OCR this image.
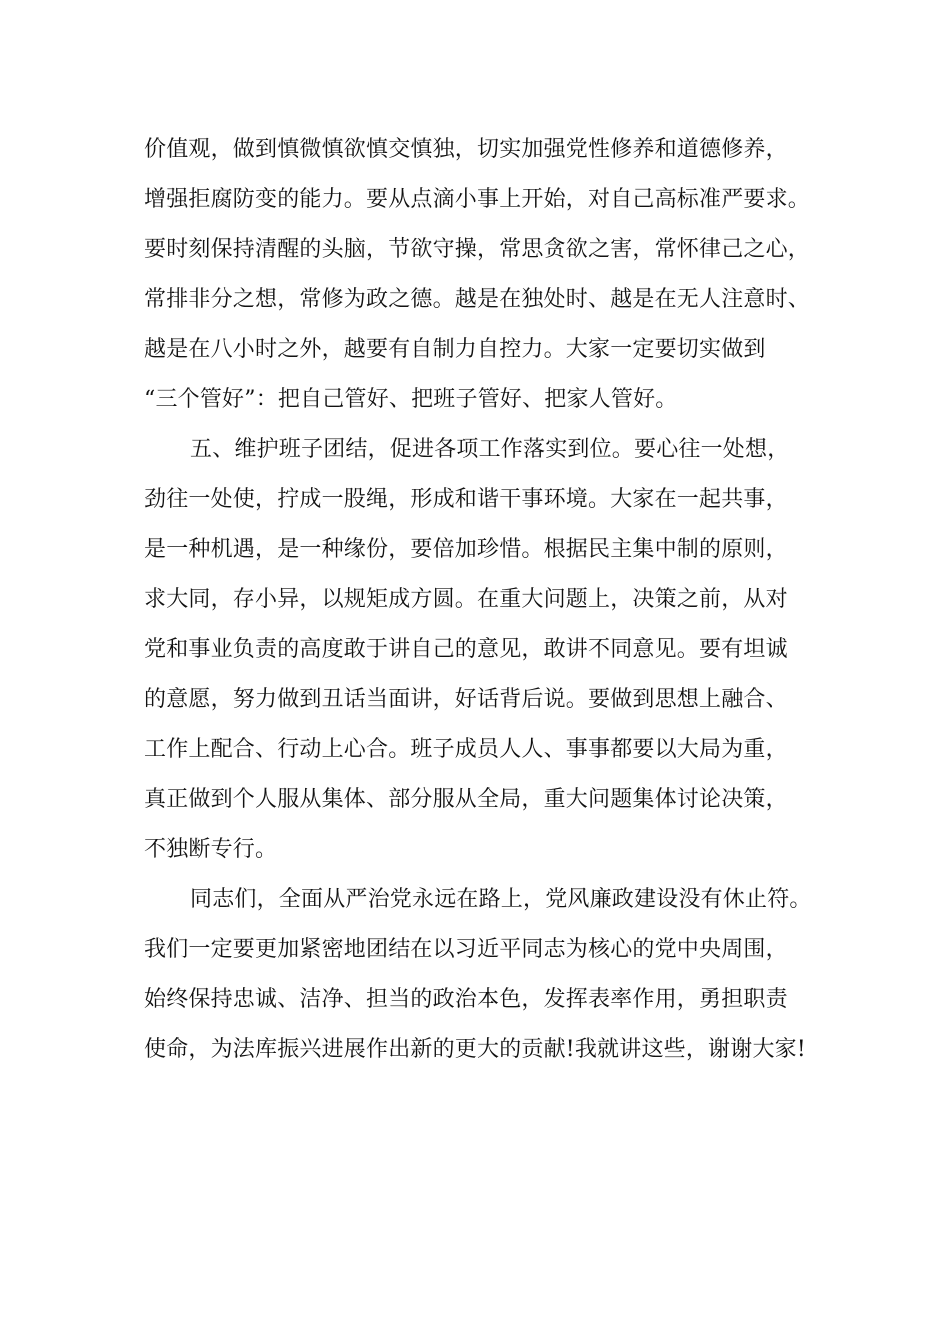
价值观，做到慎微慎欲慎交慎独，切实加强党性修养和道德修养，
增强拒腐防变的能力。要从点滴小事上开始，对自己高标准严要求。
要时刻保持清醒的头脑，节欲守操，常思贪欲之害，常怀律己之心，
常排非分之想，常修为政之德。越是在独处时、越是在无人注意时、
越是在八小时之外，越要有自制力自控力。大家一定要切实做到
“三个管好”：把自己管好、把班子管好、把家人管好。
五、维护班子团结，促进各项工作落实到位。要心往一处想，
劲往一处使，拧成一股绳，形成和谐干事环境。大家在一起共事，
是一种机遇，是一种缘份，要倍加珍惜。根据民主集中制的原则，
求大同，存小异，以规矩成方圆。在重大问题上，决策之前，从对
党和事业负责的高度敢于讲自己的意见，敢讲不同意见。要有坦诚
的意愿，努力做到丑话当面讲，好话背后说。要做到思想上融合、
工作上配合、行动上心合。班子成员人人、事事都要以大局为重，
真正做到个人服从集体、部分服从全局，重大问题集体讨论决策，
不独断专行。
同志们，全面从严治党永远在路上，党风廉政建设没有休止符。
我们一定要更加紧密地团结在以习近平同志为核心的党中央周围，
始终保持忠诚、洁净、担当的政治本色，发挥表率作用，勇担职责
使命，为法库振兴进展作出新的更大的贡献!我就讲这些，谢谢大家!
